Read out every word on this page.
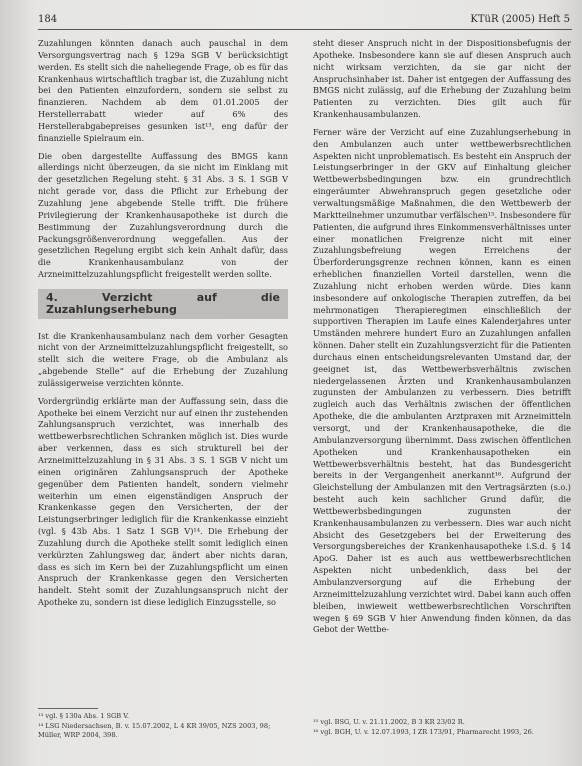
184	KTüR (2005) Heft 5

Zuzahlungen könnten danach auch pauschal in dem Versorgungsvertrag nach § 129a SGB V berücksichtigt werden. Es stellt sich die naheliegende Frage, ob es für das Krankenhaus wirtschaftlich tragbar ist, die Zuzahlung nicht bei den Patienten einzufordern, sondern sie selbst zu finanzieren. Nachdem ab dem 01.01.2005 der Herstellerrabatt wieder auf 6% des Herstellerabgabepreises gesunken ist¹³, eng dafür der finanzielle Spielraum ein.

Die oben dargestellte Auffassung des BMGS kann allerdings nicht überzeugen, da sie nicht im Einklang mit der gesetzlichen Regelung steht. § 31 Abs. 3 S. 1 SGB V nicht gerade vor, dass die Pflicht zur Erhebung der Zuzahlung jene abgebende Stelle trifft. Die frühere Privilegierung der Krankenhausapotheke ist durch die Bestimmung der Zuzahlungsverordnung durch die Packungsgrößenverordnung weggefallen. Aus der gesetzlichen Regelung ergibt sich kein Anhalt dafür, dass die Krankenhausambulanz von der Arzneimittelzuzahlungspflicht freigestellt werden sollte.

4. Verzicht auf die Zuzahlungserhebung

Ist die Krankenhausambulanz nach dem vorher Gesagten nicht von der Arzneimittelzuzahlungspflicht freigestellt, so stellt sich die weitere Frage, ob die Ambulanz als „abgebende Stelle“ auf die Erhebung der Zuzahlung zulässigerweise verzichten könnte.

Vordergründig erklärte man der Auffassung sein, dass die Apotheke bei einem Verzicht nur auf einen ihr zustehenden Zahlungsanspruch verzichtet, was innerhalb des wettbewerbsrechtlichen Schranken möglich ist. Dies wurde aber verkennen, dass es sich strukturell bei der Arzneimittelzuzahlung in § 31 Abs. 3 S. 1 SGB V nicht um einen originären Zahlungsanspruch der Apotheke gegenüber dem Patienten handelt, sondern vielmehr weiterhin um einen eigenständigen Anspruch der Krankenkasse gegen den Versicherten, der der Leistungserbringer lediglich für die Krankenkasse einzieht (vgl. § 43b Abs. 1 Satz 1 SGB V)¹⁴. Die Erhebung der Zuzahlung durch die Apotheke stellt somit lediglich einen verkürzten Zahlungsweg dar, ändert aber nichts daran, dass es sich im Kern bei der Zuzahlungspflicht um einen Anspruch der Krankenkasse gegen den Versicherten handelt. Steht somit der Zuzahlungsanspruch nicht der Apotheke zu, sondern ist diese lediglich Einzugsstelle, so

steht dieser Anspruch nicht in der Dispositionsbefugnis der Apotheke. Insbesondere kann sie auf diesen Anspruch auch nicht wirksam verzichten, da sie gar nicht der Anspruchsinhaber ist. Daher ist entgegen der Auffassung des BMGS nicht zulässig, auf die Erhebung der Zuzahlung beim Patienten zu verzichten. Dies gilt auch für Krankenhausambulanzen.

Ferner wäre der Verzicht auf eine Zuzahlungserhebung in den Ambulanzen auch unter wettbewerbsrechtlichen Aspekten nicht unproblematisch. Es besteht ein Anspruch der Leistungserbringer in der GKV auf Einhaltung gleicher Wettbewerbsbedingungen bzw. ein grundrechtlich eingeräumter Abwehranspruch gegen gesetzliche oder verwaltungsmäßige Maßnahmen, die den Wettbewerb der Marktteilnehmer unzumutbar verfälschen¹⁵. Insbesondere für Patienten, die aufgrund ihres Einkommensverhältnisses unter einer monatlichen Freigrenze nicht mit einer Zuzahlungsbefreiung wegen Erreichens der Überforderungsgrenze rechnen können, kann es einen erheblichen finanziellen Vorteil darstellen, wenn die Zuzahlung nicht erhoben werden würde. Dies kann insbesondere auf onkologische Therapien zutreffen, da bei mehrmonatigen Therapieregimen einschließlich der supportiven Therapien im Laufe eines Kalenderjahres unter Umständen mehrere hundert Euro an Zuzahlungen anfallen können. Daher stellt ein Zuzahlungsverzicht für die Patienten durchaus einen entscheidungsrelevanten Umstand dar, der geeignet ist, das Wettbewerbsverhältnis zwischen niedergelassenen Ärzten und Krankenhausambulanzen zugunsten der Ambulanzen zu verbessern. Dies betrifft zugleich auch das Verhältnis zwischen der öffentlichen Apotheke, die die ambulanten Arztpraxen mit Arzneimitteln versorgt, und der Krankenhausapotheke, die die Ambulanzversorgung übernimmt. Dass zwischen öffentlichen Apotheken und Krankenhausapotheken ein Wettbewerbsverhältnis besteht, hat das Bundesgericht bereits in der Vergangenheit anerkannt¹⁶. Aufgrund der Gleichstellung der Ambulanzen mit den Vertragsärzten (s.o.) besteht auch kein sachlicher Grund dafür, die Wettbewerbsbedingungen zugunsten der Krankenhausambulanzen zu verbessern. Dies war auch nicht Absicht des Gesetzgebers bei der Erweiterung des Versorgungsbereiches der Krankenhausapotheke i.S.d. § 14 ApoG. Daher ist es auch aus wettbewerbsrechtlichen Aspekten nicht unbedenklich, dass bei der Ambulanzversorgung auf die Erhebung der Arzneimittelzuzahlung verzichtet wird. Dabei kann auch offen bleiben, inwieweit wettbewerbsrechtlichen Vorschriften wegen § 69 SGB V hier Anwendung finden können, da das Gebot der Wettbe-

¹³ vgl. § 130a Abs. 1 SGB V.

¹⁴ LSG Niedersachsen, B. v. 15.07.2002, L 4 KR 39/05, NZS 2003, 98; Müller, WRP 2004, 398.

¹⁵ vgl. BSG, U. v. 21.11.2002, B 3 KR 23/02 R.

¹⁶ vgl. BGH, U. v. 12.07.1993, I ZR 173/91, Pharmarecht 1993, 26.
